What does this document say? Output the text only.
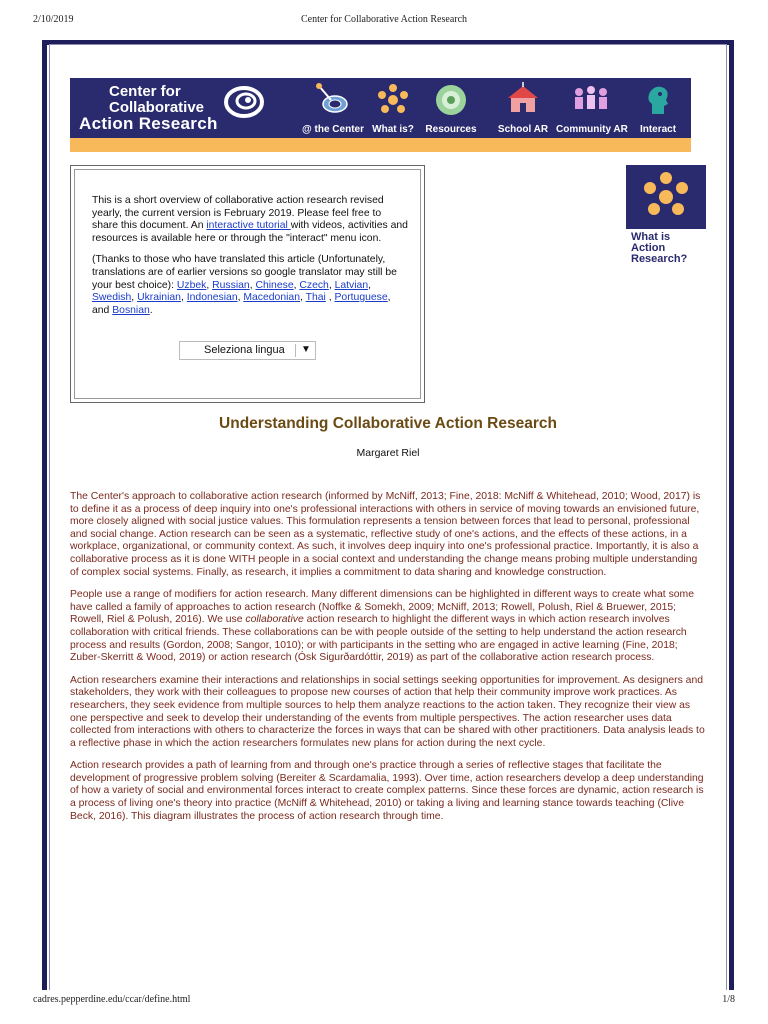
2/10/2019	Center for Collaborative Action Research
cadres.pepperdine.edu/ccar/define.html	1/8
Center for
Collaborative
Action Research	@ the Center What is?	Resources	School AR Community AR	Interact

This is a short overview of collaborative action research revised yearly, the current version is February 2019. Please feel free to share this document. An interactive tutorial with videos, activities and resources is available here or through the "interact" menu icon.

(Thanks to those who have translated this article (Unfortunately, translations are of earlier versions so google translator may still be your best choice): Uzbek, Russian, Chinese, Czech, Latvian, Swedish, Ukrainian, Indonesian, Macedonian, Thai , Portuguese, and Bosnian.

Seleziona lingua ▼
What is
Action
Research?
Understanding Collaborative Action Research
Margaret Riel

The Center's approach to collaborative action research (informed by McNiff, 2013; Fine, 2018: McNiff & Whitehead, 2010; Wood, 2017) is to define it as a process of deep inquiry into one's professional interactions with others in service of moving towards an envisioned future, more closely aligned with social justice values. This formulation represents a tension between forces that lead to personal, professional and social change. Action research can be seen as a systematic, reflective study of one's actions, and the effects of these actions, in a workplace, organizational, or community context. As such, it involves deep inquiry into one's professional practice. Importantly, it is also a collaborative process as it is done WITH people in a social context and understanding the change means probing multiple understanding of complex social systems. Finally, as research, it implies a commitment to data sharing and knowledge construction.

People use a range of modifiers for action research. Many different dimensions can be highlighted in different ways to create what some have called a family of approaches to action research (Noffke & Somekh, 2009; McNiff, 2013; Rowell, Polush, Riel & Bruewer, 2015; Rowell, Riel & Polush, 2016). We use collaborative action research to highlight the different ways in which action research involves collaboration with critical friends. These collaborations can be with people outside of the setting to help understand the action research process and results (Gordon, 2008; Sangor, 1010); or with participants in the setting who are engaged in active learning (Fine, 2018; Zuber-Skerritt & Wood, 2019) or action research (Ósk Sigurðardóttir, 2019) as part of the collaborative action research process.

Action researchers examine their interactions and relationships in social settings seeking opportunities for improvement. As designers and stakeholders, they work with their colleagues to propose new courses of action that help their community improve work practices. As researchers, they seek evidence from multiple sources to help them analyze reactions to the action taken. They recognize their view as one perspective and seek to develop their understanding of the events from multiple perspectives. The action researcher uses data collected from interactions with others to characterize the forces in ways that can be shared with other practitioners. Data analysis leads to a reflective phase in which the action researchers formulates new plans for action during the next cycle.

Action research provides a path of learning from and through one's practice through a series of reflective stages that facilitate the development of progressive problem solving (Bereiter & Scardamalia, 1993). Over time, action researchers develop a deep understanding of how a variety of social and environmental forces interact to create complex patterns. Since these forces are dynamic, action research is a process of living one's theory into practice (McNiff & Whitehead, 2010) or taking a living and learning stance towards teaching (Clive Beck, 2016). This diagram illustrates the process of action research through time.
